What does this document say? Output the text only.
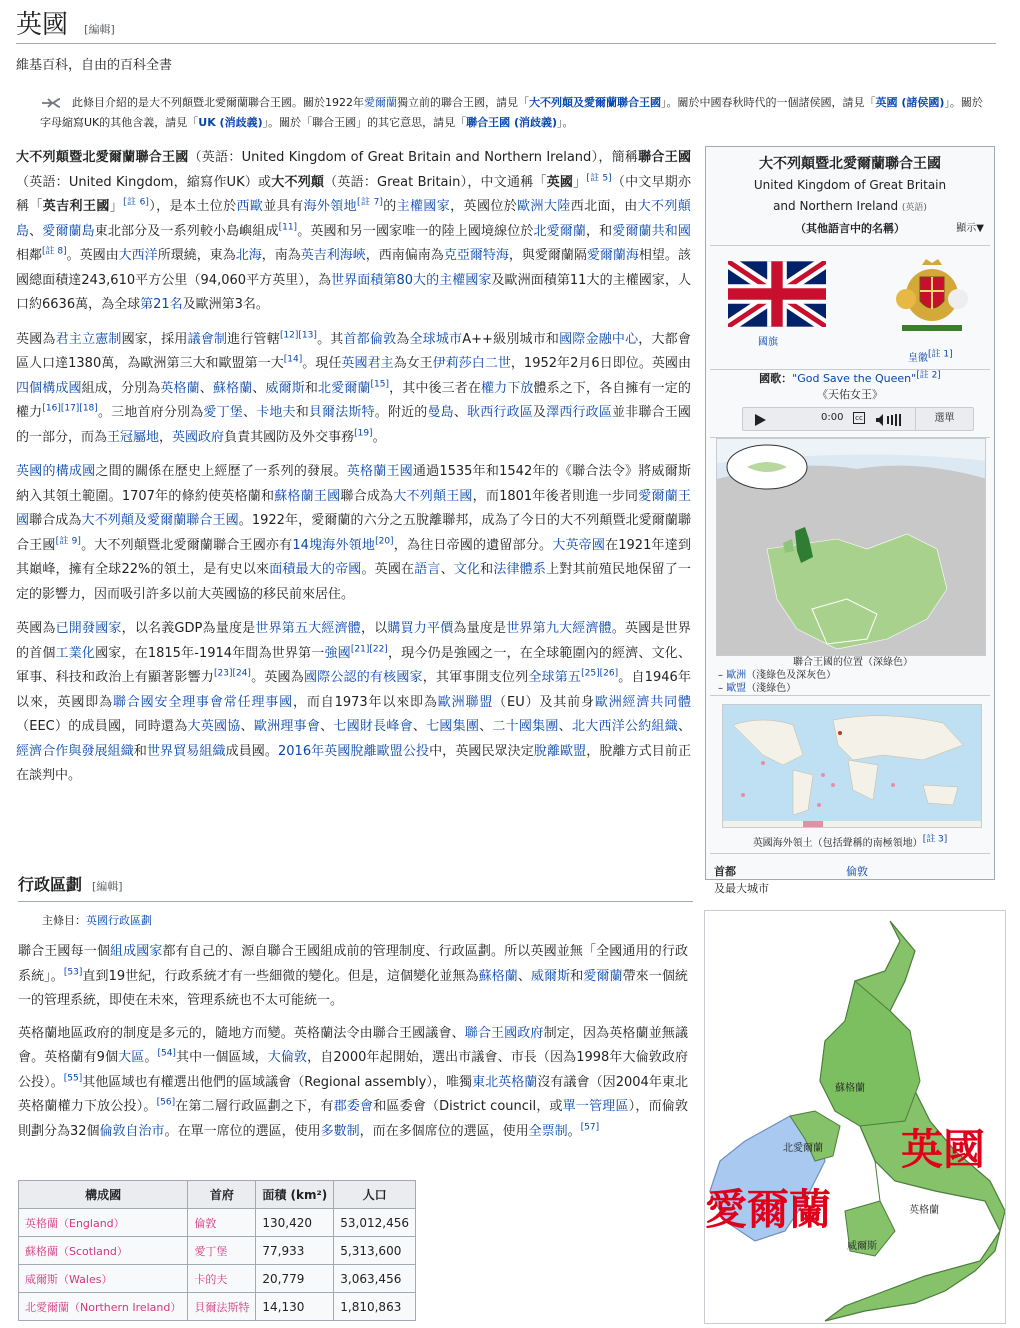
英國 [編輯]
維基百科，自由的百科全書
此條目介紹的是大不列顛暨北愛爾蘭聯合王國。關於1922年愛爾蘭獨立前的聯合王國，請見「大不列顛及愛爾蘭聯合王國」。關於中國春秋時代的一個諸侯國，請見「英國 (諸侯國)」。關於字母縮寫UK的其他含義，請見「UK (消歧義)」。關於「聯合王國」的其它意思，請見「聯合王國 (消歧義)」。

大不列顛暨北愛爾蘭聯合王國（英語：United Kingdom of Great Britain and Northern Ireland），簡稱聯合王國（英語：United Kingdom，縮寫作UK）或大不列顛（英語：Great Britain），中文通稱「英國」[註 5]（中文早期亦稱「英吉利王國」[註 6]），是本土位於西歐並具有海外領地[註 7]的主權國家，英國位於歐洲大陸西北面，由大不列顛島、愛爾蘭島東北部分及一系列較小島嶼組成[11]。英國和另一國家唯一的陸上國境線位於北愛爾蘭，和愛爾蘭共和國相鄰[註 8]。英國由大西洋所環繞，東為北海，南為英吉利海峽，西南偏南為克亞爾特海，與愛爾蘭隔愛爾蘭海相望。該國總面積達243,610平方公里（94,060平方英里），為世界面積第80大的主權國家及歐洲面積第11大的主權國家，人口約6636萬，為全球第21名及歐洲第3名。

英國為君主立憲制國家，採用議會制進行管轄[12][13]。其首都倫敦為全球城市A++級別城市和國際金融中心，大都會區人口達1380萬，為歐洲第三大和歐盟第一大[14]。現任英國君主為女王伊莉莎白二世，1952年2月6日即位。英國由四個構成國組成，分別為英格蘭、蘇格蘭、威爾斯和北愛爾蘭[15]，其中後三者在權力下放體系之下，各自擁有一定的權力[16][17][18]。三地首府分別為愛丁堡、卡地夫和貝爾法斯特。附近的曼島、耿西行政區及澤西行政區並非聯合王國的一部分，而為王冠屬地，英國政府負責其國防及外交事務[19]。

英國的構成國之間的關係在歷史上經歷了一系列的發展。英格蘭王國通過1535年和1542年的《聯合法令》將威爾斯納入其領土範圍。1707年的條約使英格蘭和蘇格蘭王國聯合成為大不列顛王國，而1801年後者則進一步同愛爾蘭王國聯合成為大不列顛及愛爾蘭聯合王國。1922年，愛爾蘭的六分之五脫離聯邦，成為了今日的大不列顛暨北愛爾蘭聯合王國[註 9]。大不列顛暨北愛爾蘭聯合王國亦有14塊海外領地[20]，為往日帝國的遺留部分。大英帝國在1921年達到其巔峰，擁有全球22%的領土，是有史以來面積最大的帝國。英國在語言、文化和法律體系上對其前殖民地保留了一定的影響力，因而吸引許多以前大英國協的移民前來居住。

英國為已開發國家，以名義GDP為量度是世界第五大經濟體，以購買力平價為量度是世界第九大經濟體。英國是世界的首個工業化國家，在1815年-1914年間為世界第一強國[21][22]，現今仍是強國之一，在全球範圍內的經濟、文化、軍事、科技和政治上有顯著影響力[23][24]。英國為國際公認的有核國家，其軍事開支位列全球第五[25][26]。自1946年以來，英國即為聯合國安全理事會常任理事國，而自1973年以來即為歐洲聯盟（EU）及其前身歐洲經濟共同體（EEC）的成員國，同時還為大英國協、歐洲理事會、七國財長峰會、七國集團、二十國集團、北大西洋公約組織、經濟合作與發展組織和世界貿易組織成員國。2016年英國脫離歐盟公投中，英國民眾決定脫離歐盟，脫離方式目前正在談判中。

大不列顛暨北愛爾蘭聯合王國
United Kingdom of Great Britain
and Northern Ireland (英語)
（其他語言中的名稱）	顯示▼
國旗
皇徽[註 1]
國歌："God Save the Queen"[註 2]
《天佑女王》
0:00	cc	選單
首都
及最大城市
倫敦
聯合王國的位置（深綠色）
– 歐洲（淺綠色及深灰色）
– 歐盟（淺綠色）
英國海外領土（包括聲稱的南極領地）[註 3]
行政區劃 [編輯]
主條目：英國行政區劃

聯合王國每一個組成國家都有自己的、源自聯合王國組成前的管理制度、行政區劃。所以英國並無「全國通用的行政系統」。[53]直到19世紀，行政系統才有一些細微的變化。但是，這個變化並無為蘇格蘭、威爾斯和愛爾蘭帶來一個統一的管理系統，即使在未來，管理系統也不太可能統一。

英格蘭地區政府的制度是多元的，隨地方而變。英格蘭法令由聯合王國議會、聯合王國政府制定，因為英格蘭並無議會。英格蘭有9個大區。[54]其中一個區域，大倫敦，自2000年起開始，選出市議會、市長（因為1998年大倫敦政府公投）。[55]其他區域也有權選出他們的區域議會（Regional assembly），唯獨東北英格蘭沒有議會（因2004年東北英格蘭權力下放公投）。[56]在第二層行政區劃之下，有郡委會和區委會（District council，或單一管理區），而倫敦則劃分為32個倫敦自治市。在單一席位的選區，使用多數制，而在多個席位的選區，使用全票制。[57]

構成國	首府	面積 (km²)	人口
英格蘭（England）	倫敦	130,420	53,012,456
蘇格蘭（Scotland）	愛丁堡	77,933	5,313,600
威爾斯（Wales）	卡的夫	20,779	3,063,456
北愛爾蘭（Northern Ireland）	貝爾法斯特	14,130	1,810,863
蘇格蘭
北愛爾蘭
英格蘭
威爾斯
英國
愛爾蘭
